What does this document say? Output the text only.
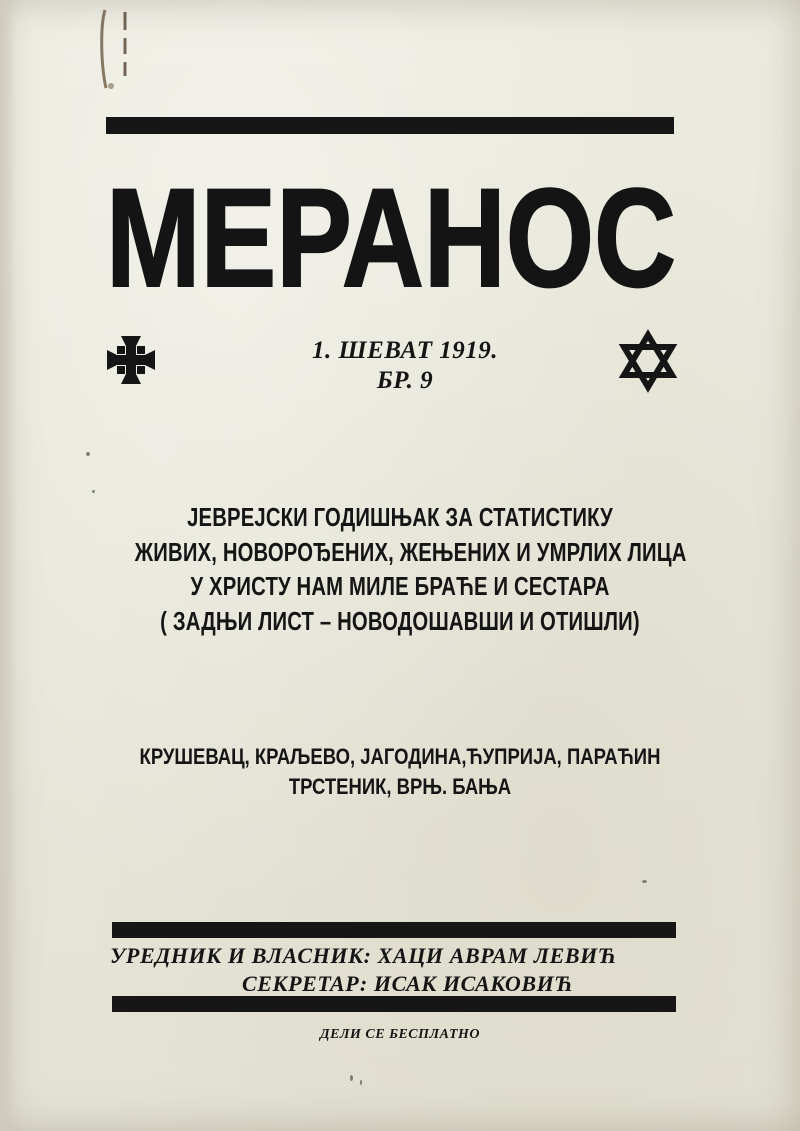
МЕРАНОС
1. ШЕВАТ 1919.
БР. 9
ЈЕВРЕЈСКИ ГОДИШЊАК ЗА СТАТИСТИКУ
ЖИВИХ, НОВОРОЂЕНИХ, ЖЕЊЕНИХ И УМРЛИХ ЛИЦА
У ХРИСТУ НАМ МИЛЕ БРАЋЕ И СЕСТАРА
( ЗАДЊИ ЛИСТ – НОВОДОШАВШИ И ОТИШЛИ)
КРУШЕВАЦ, КРАЉЕВО, ЈАГОДИНА,ЋУПРИЈА, ПАРАЋИН
ТРСТЕНИК, ВРЊ. БАЊА
УРЕДНИК И ВЛАСНИК: ХАЦИ АВРАМ ЛЕВИЋ
СЕКРЕТАР: ИСАК ИСАКОВИЋ
ДЕЛИ СЕ БЕСПЛАТНО
